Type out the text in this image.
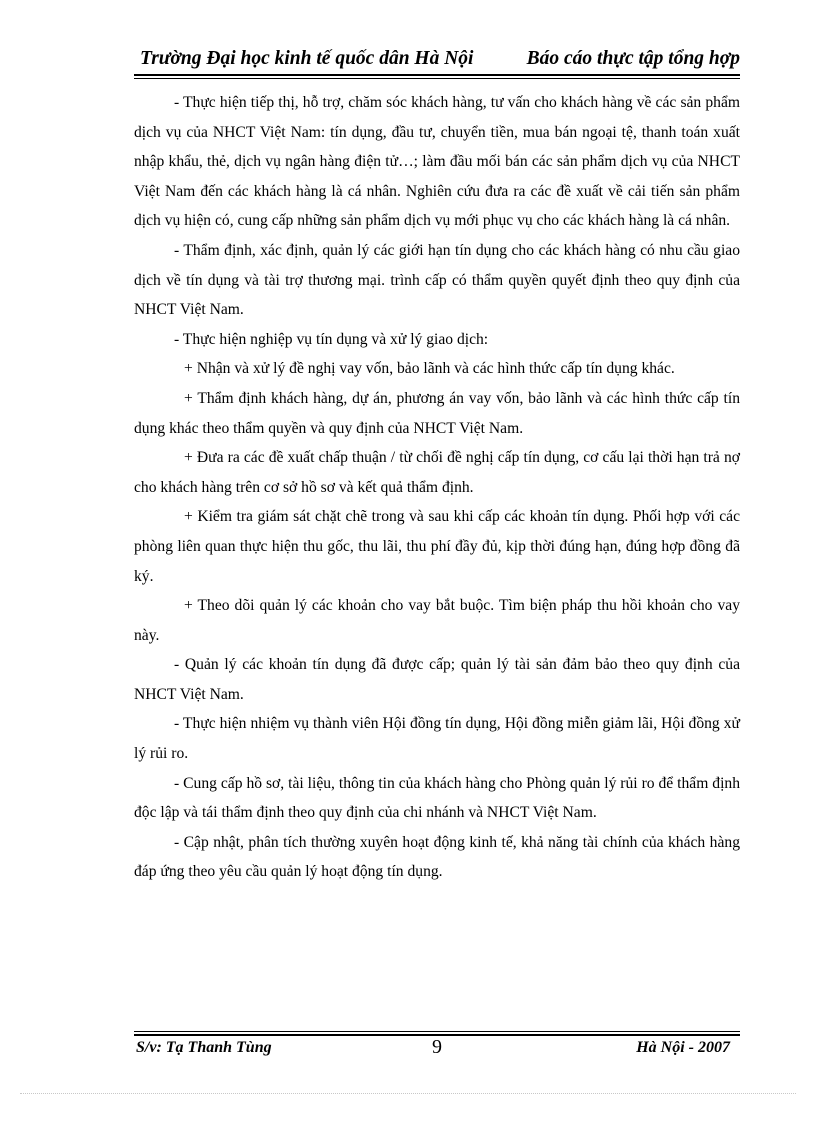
Trường Đại học kinh tế quốc dân Hà Nội	Báo cáo thực tập tổng hợp

- Thực hiện tiếp thị, hỗ trợ, chăm sóc khách hàng, tư vấn cho khách hàng về các sản phẩm dịch vụ của NHCT Việt Nam: tín dụng, đầu tư, chuyển tiền, mua bán ngoại tệ, thanh toán xuất nhập khẩu, thẻ, dịch vụ ngân hàng điện tử…; làm đầu mối bán các sản phẩm dịch vụ của NHCT Việt Nam đến các khách hàng là cá nhân. Nghiên cứu đưa ra các đề xuất về cải tiến sản phẩm dịch vụ hiện có, cung cấp những sản phẩm dịch vụ mới phục vụ cho các khách hàng là cá nhân.

- Thẩm định, xác định, quản lý các giới hạn tín dụng cho các khách hàng có nhu cầu giao dịch về tín dụng và tài trợ thương mại. trình cấp có thẩm quyền quyết định theo quy định của NHCT Việt Nam.

- Thực hiện nghiệp vụ tín dụng và xử lý giao dịch:

+ Nhận và xử lý đề nghị vay vốn, bảo lãnh và các hình thức cấp tín dụng khác.

+ Thẩm định khách hàng, dự án, phương án vay vốn, bảo lãnh và các hình thức cấp tín dụng khác theo thẩm quyền và quy định của NHCT Việt Nam.

+ Đưa ra các đề xuất chấp thuận / từ chối đề nghị cấp tín dụng, cơ cấu lại thời hạn trả nợ cho khách hàng trên cơ sở hồ sơ và kết quả thẩm định.

+ Kiểm tra giám sát chặt chẽ trong và sau khi cấp các khoản tín dụng. Phối hợp với các phòng liên quan thực hiện thu gốc, thu lãi, thu phí đầy đủ, kịp thời đúng hạn, đúng hợp đồng đã ký.

+ Theo dõi quản lý các khoản cho vay bắt buộc. Tìm biện pháp thu hồi khoản cho vay này.

- Quản lý các khoản tín dụng đã được cấp; quản lý tài sản đảm bảo theo quy định của NHCT Việt Nam.

- Thực hiện nhiệm vụ thành viên Hội đồng tín dụng, Hội đồng miễn giảm lãi, Hội đồng xử lý rủi ro.

- Cung cấp hồ sơ, tài liệu, thông tin của khách hàng cho Phòng quản lý rủi ro để thẩm định độc lập và tái thẩm định theo quy định của chi nhánh và NHCT Việt Nam.

- Cập nhật, phân tích thường xuyên hoạt động kinh tế, khả năng tài chính của khách hàng đáp ứng theo yêu cầu quản lý hoạt động tín dụng.

S/v: Tạ Thanh Tùng	9	Hà Nội - 2007
